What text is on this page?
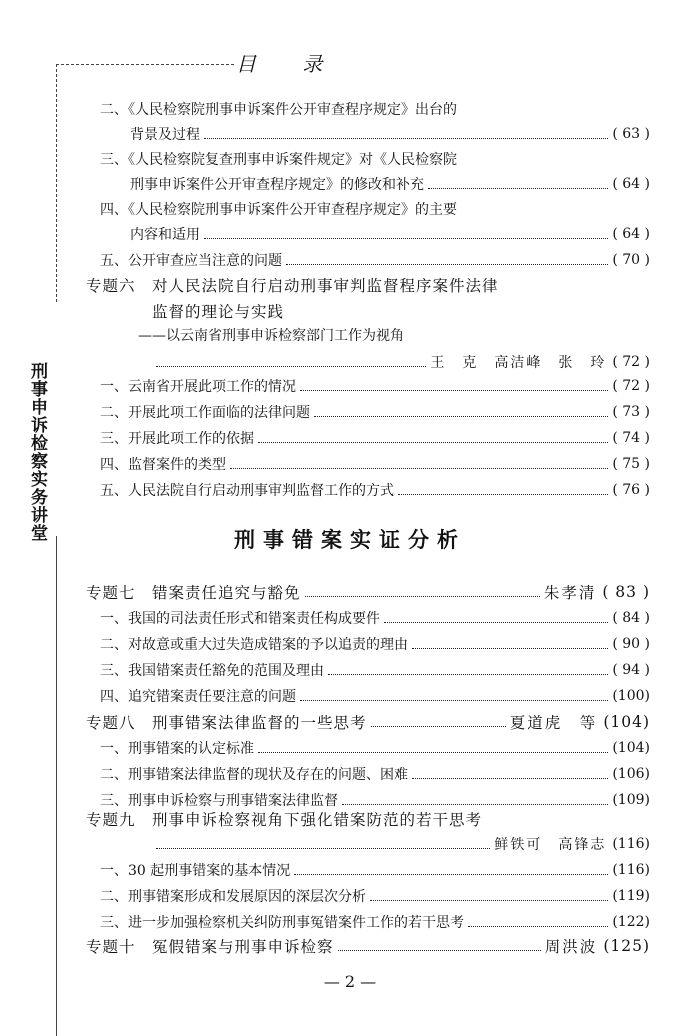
目 录
刑事申诉检察实务讲堂
二、《人民检察院刑事申诉案件公开审查程序规定》出台的
背景及过程	( 63 )
三、《人民检察院复查刑事申诉案件规定》对《人民检察院
刑事申诉案件公开审查程序规定》的修改和补充	( 64 )
四、《人民检察院刑事申诉案件公开审查程序规定》的主要
内容和适用	( 64 )
五、公开审查应当注意的问题	( 70 )
专题六　对人民法院自行启动刑事审判监督程序案件法律
监督的理论与实践
——以云南省刑事申诉检察部门工作为视角
王　克　高洁峰　张　玲 ( 72 )
一、云南省开展此项工作的情况	( 72 )
二、开展此项工作面临的法律问题	( 73 )
三、开展此项工作的依据	( 74 )
四、监督案件的类型	( 75 )
五、人民法院自行启动刑事审判监督工作的方式	( 76 )
刑事错案实证分析
专题七　错案责任追究与豁免	朱孝清 ( 83 )
一、我国的司法责任形式和错案责任构成要件	( 84 )
二、对故意或重大过失造成错案的予以追责的理由	( 90 )
三、我国错案责任豁免的范围及理由	( 94 )
四、追究错案责任要注意的问题	(100)
专题八　刑事错案法律监督的一些思考	夏道虎　等 (104)
一、刑事错案的认定标准	(104)
二、刑事错案法律监督的现状及存在的问题、困难	(106)
三、刑事申诉检察与刑事错案法律监督	(109)
专题九　刑事申诉检察视角下强化错案防范的若干思考
鲜铁可　高锋志 (116)
一、30 起刑事错案的基本情况	(116)
二、刑事错案形成和发展原因的深层次分析	(119)
三、进一步加强检察机关纠防刑事冤错案件工作的若干思考	(122)
专题十　冤假错案与刑事申诉检察	周洪波 (125)
— 2 —
